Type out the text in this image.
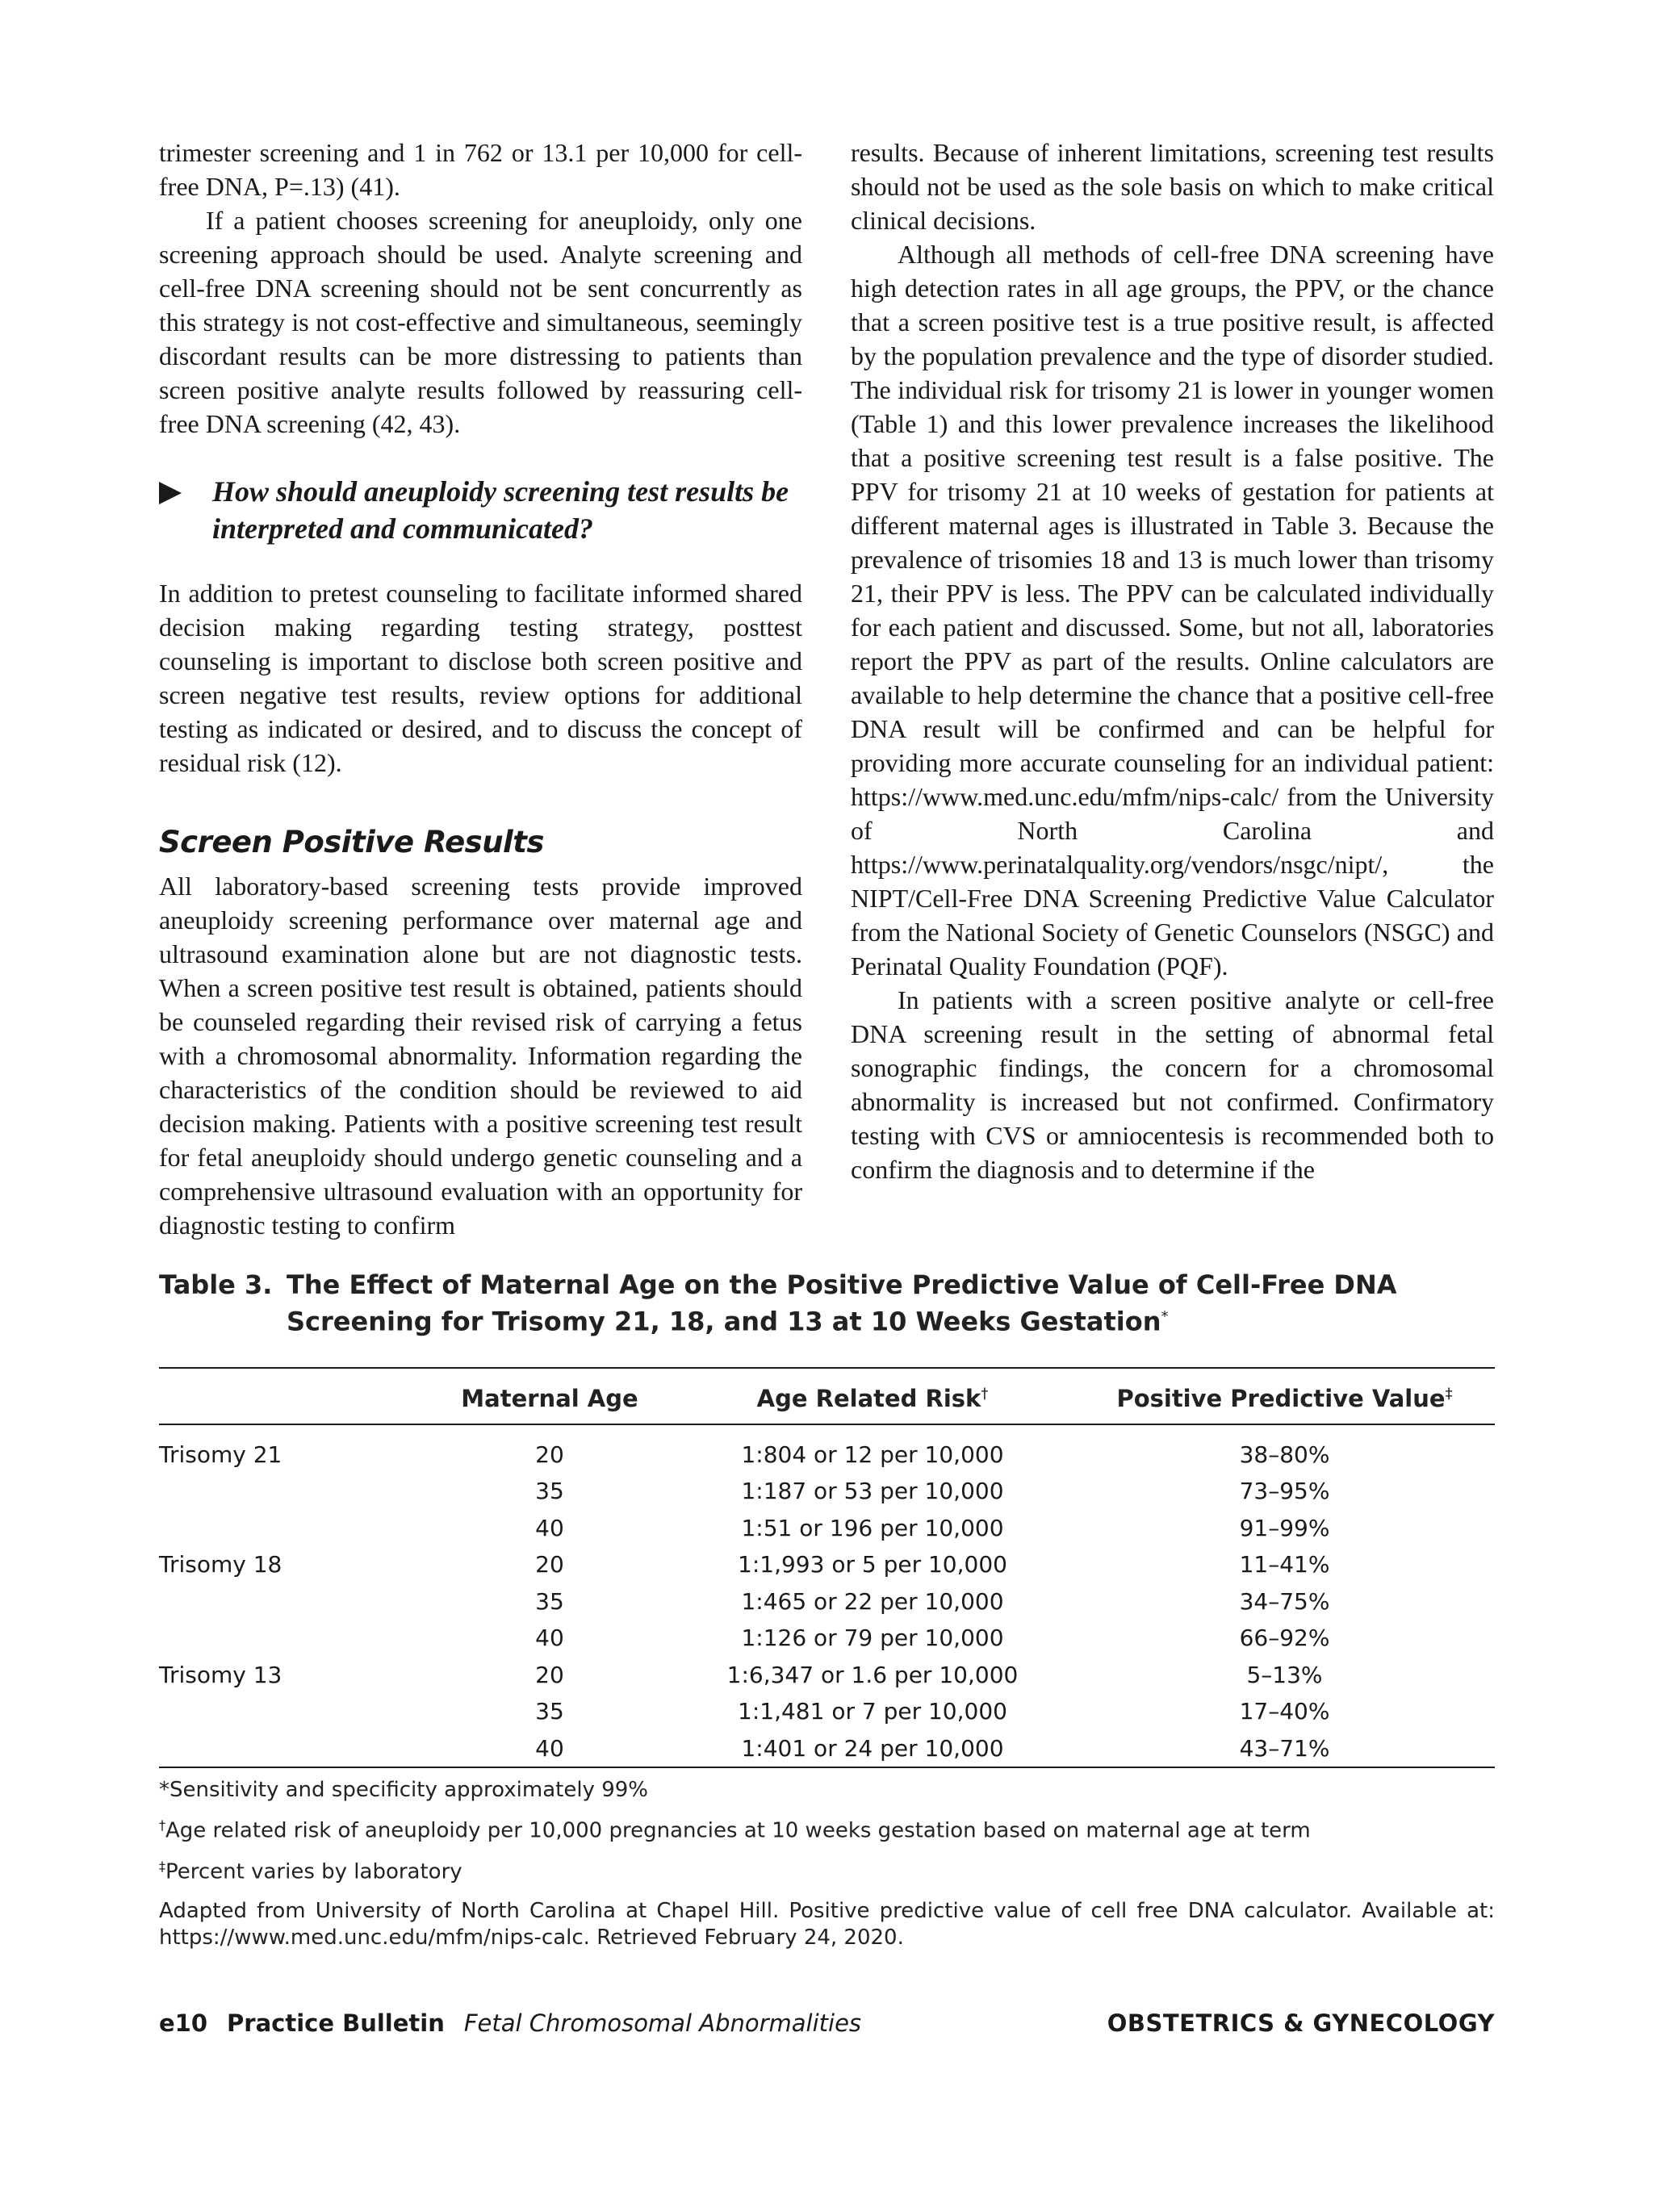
trimester screening and 1 in 762 or 13.1 per 10,000 for cell-free DNA, P=.13) (41).

If a patient chooses screening for aneuploidy, only one screening approach should be used. Analyte screening and cell-free DNA screening should not be sent concurrently as this strategy is not cost-effective and simultaneous, seemingly discordant results can be more distressing to patients than screen positive analyte results followed by reassuring cell-free DNA screening (42, 43).

How should aneuploidy screening test results be interpreted and communicated?

In addition to pretest counseling to facilitate informed shared decision making regarding testing strategy, posttest counseling is important to disclose both screen positive and screen negative test results, review options for additional testing as indicated or desired, and to discuss the concept of residual risk (12).

Screen Positive Results

All laboratory-based screening tests provide improved aneuploidy screening performance over maternal age and ultrasound examination alone but are not diagnostic tests. When a screen positive test result is obtained, patients should be counseled regarding their revised risk of carrying a fetus with a chromosomal abnormality. Information regarding the characteristics of the condition should be reviewed to aid decision making. Patients with a positive screening test result for fetal aneuploidy should undergo genetic counseling and a comprehensive ultrasound evaluation with an opportunity for diagnostic testing to confirm

results. Because of inherent limitations, screening test results should not be used as the sole basis on which to make critical clinical decisions.

Although all methods of cell-free DNA screening have high detection rates in all age groups, the PPV, or the chance that a screen positive test is a true positive result, is affected by the population prevalence and the type of disorder studied. The individual risk for trisomy 21 is lower in younger women (Table 1) and this lower prevalence increases the likelihood that a positive screening test result is a false positive. The PPV for trisomy 21 at 10 weeks of gestation for patients at different maternal ages is illustrated in Table 3. Because the prevalence of trisomies 18 and 13 is much lower than trisomy 21, their PPV is less. The PPV can be calculated individually for each patient and discussed. Some, but not all, laboratories report the PPV as part of the results. Online calculators are available to help determine the chance that a positive cell-free DNA result will be confirmed and can be helpful for providing more accurate counseling for an individual patient: https://www.med.unc.edu/mfm/nips-calc/ from the University of North Carolina and https://www.perinatalquality.org/vendors/nsgc/nipt/, the NIPT/Cell-Free DNA Screening Predictive Value Calculator from the National Society of Genetic Counselors (NSGC) and Perinatal Quality Foundation (PQF).

In patients with a screen positive analyte or cell-free DNA screening result in the setting of abnormal fetal sonographic findings, the concern for a chromosomal abnormality is increased but not confirmed. Confirmatory testing with CVS or amniocentesis is recommended both to confirm the diagnosis and to determine if the

Table 3. The Effect of Maternal Age on the Positive Predictive Value of Cell-Free DNA Screening for Trisomy 21, 18, and 13 at 10 Weeks Gestation*
	Maternal Age	Age Related Risk†	Positive Predictive Value‡
Trisomy 21	20	1:804 or 12 per 10,000	38–80%
	35	1:187 or 53 per 10,000	73–95%
	40	1:51 or 196 per 10,000	91–99%
Trisomy 18	20	1:1,993 or 5 per 10,000	11–41%
	35	1:465 or 22 per 10,000	34–75%
	40	1:126 or 79 per 10,000	66–92%
Trisomy 13	20	1:6,347 or 1.6 per 10,000	5–13%
	35	1:1,481 or 7 per 10,000	17–40%
	40	1:401 or 24 per 10,000	43–71%
*Sensitivity and specificity approximately 99%
†Age related risk of aneuploidy per 10,000 pregnancies at 10 weeks gestation based on maternal age at term
‡Percent varies by laboratory
Adapted from University of North Carolina at Chapel Hill. Positive predictive value of cell free DNA calculator. Available at: https://www.med.unc.edu/mfm/nips-calc. Retrieved February 24, 2020.
e10 Practice Bulletin Fetal Chromosomal Abnormalities	OBSTETRICS & GYNECOLOGY
